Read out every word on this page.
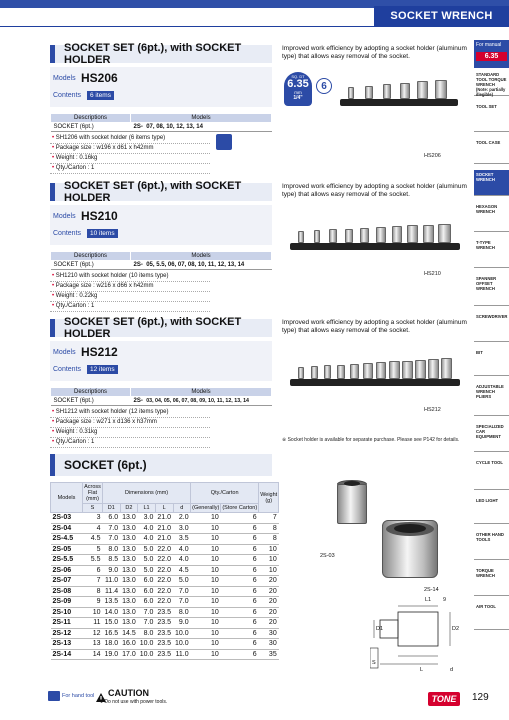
SOCKET WRENCH
For manual
6.35
STANDARD TOOL TORQUE WRENCH (Note: partially illegible)
TOOL SET
TOOL CASE
SOCKET WRENCH
HEXAGON WRENCH
T-TYPE WRENCH
SPANNER OFFSET WRENCH
SCREWDRIVER
BIT
ADJUSTABLE WRENCH PLIERS
SPECIALIZED CAR EQUIPMENT
CYCLE TOOL
LED LIGHT
OTHER HAND TOOLS
TORQUE WRENCH
AIR TOOL
SOCKET SET (6pt.), with SOCKET HOLDER
Models HS206
Contents	6 items
Descriptions	Models
SOCKET (6pt.)	2S- 07, 08, 10, 12, 13, 14
• SH1206 with socket holder (6 items type)
• Package size : w196 x d61 x h42mm
• Weight : 0.16kg
• Qty./Carton : 1
Improved work efficiency by adopting a socket holder (aluminum type) that allows easy removal of the socket.
HS206
SOCKET SET (6pt.), with SOCKET HOLDER
Models HS210
Contents	10 items
Descriptions	Models
SOCKET (6pt.)	2S- 05, 5.5, 06, 07, 08, 10, 11, 12, 13, 14
• SH1210 with socket holder (10 items type)
• Package size : w216 x d66 x h42mm
• Weight : 0.22kg
• Qty./Carton : 1
Improved work efficiency by adopting a socket holder (aluminum type) that allows easy removal of the socket.
HS210
SOCKET SET (6pt.), with SOCKET HOLDER
Models HS212
Contents	12 items
Descriptions	Models
SOCKET (6pt.)	2S- 03, 04, 05, 06, 07, 08, 09, 10, 11, 12, 13, 14
• SH1212 with socket holder (12 items type)
• Package size : w271 x d136 x h37mm
• Weight : 0.31kg
• Qty./Carton : 1
Improved work efficiency by adopting a socket holder (aluminum type) that allows easy removal of the socket.
HS212
SQ. DT
6.35
mm
1/4"
6
※ Socket holder is available for separate purchase. Please see P142 for details.
SOCKET (6pt.)
Models	Across Flat (mm)	Dimensions (mm)					Qty./Carton		Weight (g)
	S	D1	D2	L1	L	d	(Generally)	(Store Carton)	
2S-03	3	6.0	13.0	3.0	21.0	2.0	10	6	7
2S-04	4	7.0	13.0	4.0	21.0	3.0	10	6	8
2S-4.5	4.5	7.0	13.0	4.0	21.0	3.5	10	6	8
2S-05	5	8.0	13.0	5.0	22.0	4.0	10	6	10
2S-5.5	5.5	8.5	13.0	5.0	22.0	4.0	10	6	10
2S-06	6	9.0	13.0	5.0	22.0	4.5	10	6	10
2S-07	7	11.0	13.0	6.0	22.0	5.0	10	6	20
2S-08	8	11.4	13.0	6.0	22.0	7.0	10	6	20
2S-09	9	13.5	13.0	6.0	22.0	7.0	10	6	20
2S-10	10	14.0	13.0	7.0	23.5	8.0	10	6	20
2S-11	11	15.0	13.0	7.0	23.5	9.0	10	6	20
2S-12	12	16.5	14.5	8.0	23.5	10.0	10	6	30
2S-13	13	18.0	16.0	10.0	23.5	10.0	10	6	30
2S-14	14	19.0	17.0	10.0	23.5	11.0	10	6	35
2S-03
2S-14
L1 9
D1	D2
S
L	d
For hand tool CAUTION
● Do not use with power tools.	TONE	129
